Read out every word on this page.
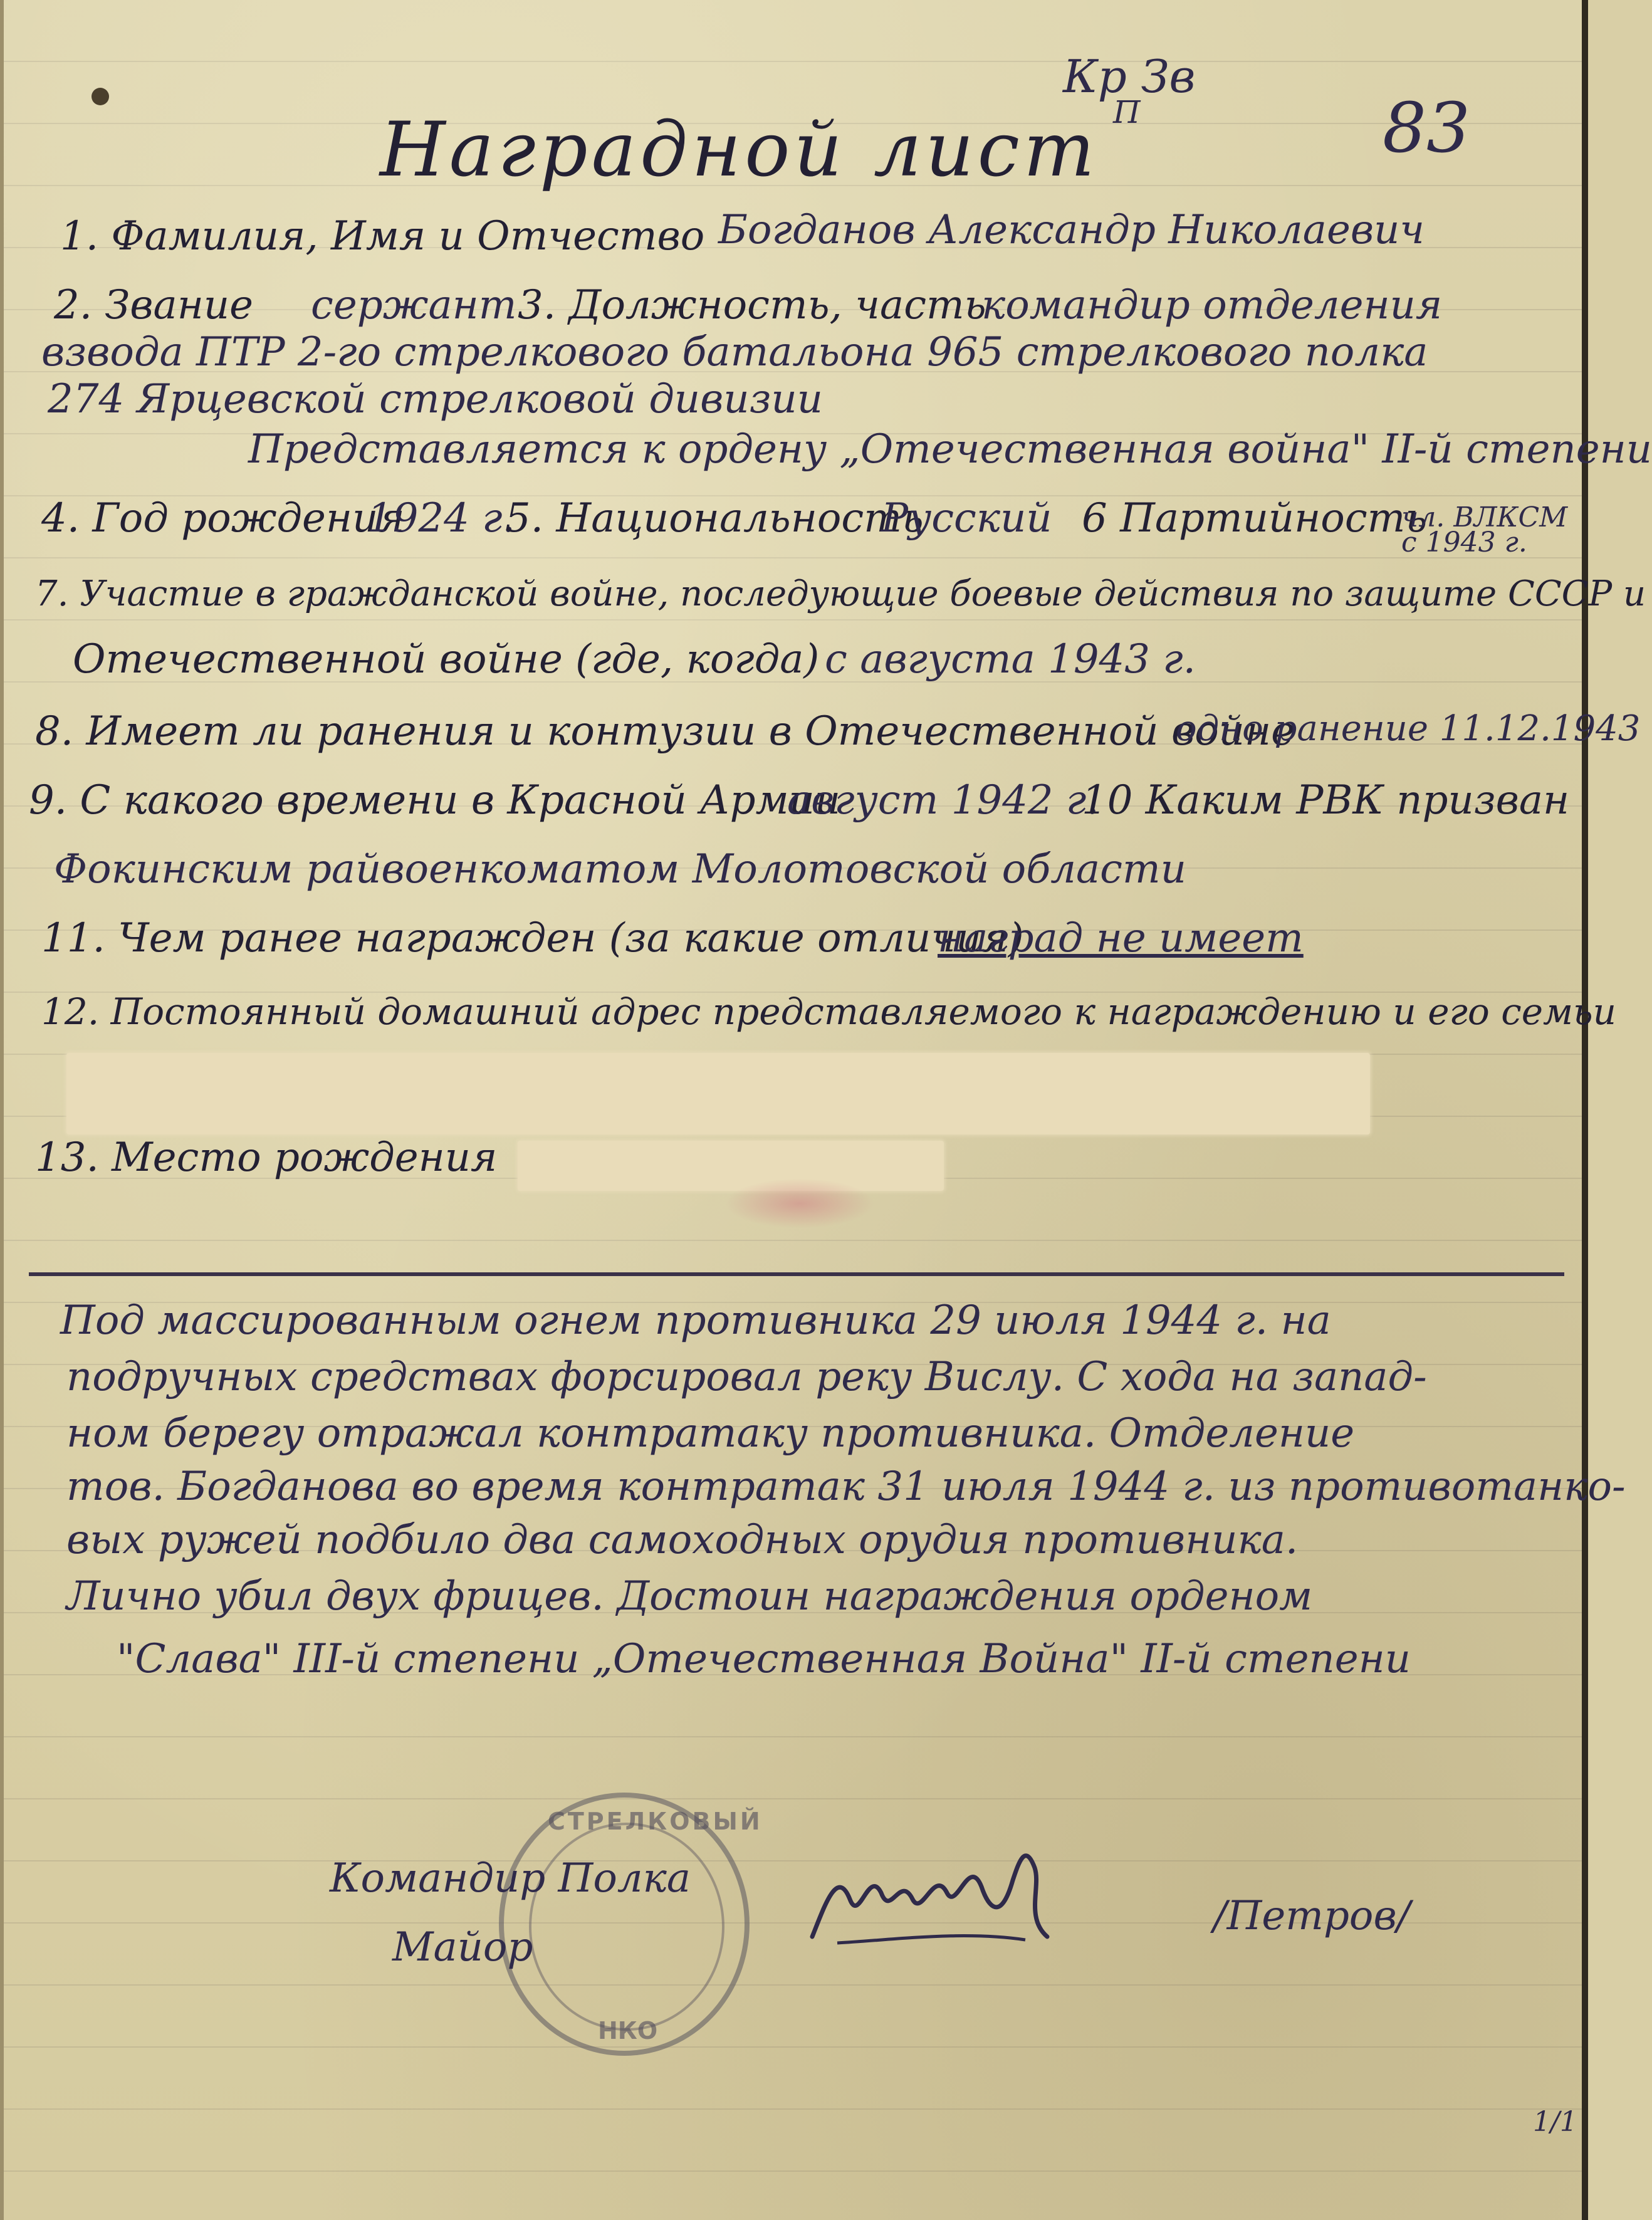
Кр Зв
П	83
Наградной лист
1. Фамилия, Имя и Отчество Богданов Александр Николаевич
2. Звание сержант 3. Должность, часть
командир отделения
взвода ПТР 2-го стрелкового батальона 965 стрелкового полка
274 Ярцевской стрелковой дивизии
Представляется к ордену „Отечественная война" II-й степени
4. Год рождения
1924 г.
5. Национальность
Русский 6 Партийность
чл. ВЛКСМ
с 1943 г.
7. Участие в гражданской войне, последующие боевые действия по защите СССР и
Отечественной войне (где, когда) с августа 1943 г.
8. Имеет ли ранения и контузии в Отечественной войне
одно ранение 11.12.1943
9. С какого времени в Красной Армии
август 1942 г.
10 Каким РВК призван
Фокинским райвоенкоматом Молотовской области
11. Чем ранее награжден (за какие отличия)
наград не имеет
12. Постоянный домашний адрес представляемого к награждению и его семьи
13. Место рождения
Под массированным огнем противника 29 июля 1944 г. на
подручных средствах форсировал реку Вислу. С хода на запад-
ном берегу отражал контратаку противника. Отделение
тов. Богданова во время контратак 31 июля 1944 г. из противотанко-
вых ружей подбило два самоходных орудия противника.
Лично убил двух фрицев. Достоин награждения орденом
"Слава" III-й степени „Отечественная Война" II-й степени
СТРЕЛКОВЫЙ
НКО
Командир Полка
Майор
/Петров/
1/1
